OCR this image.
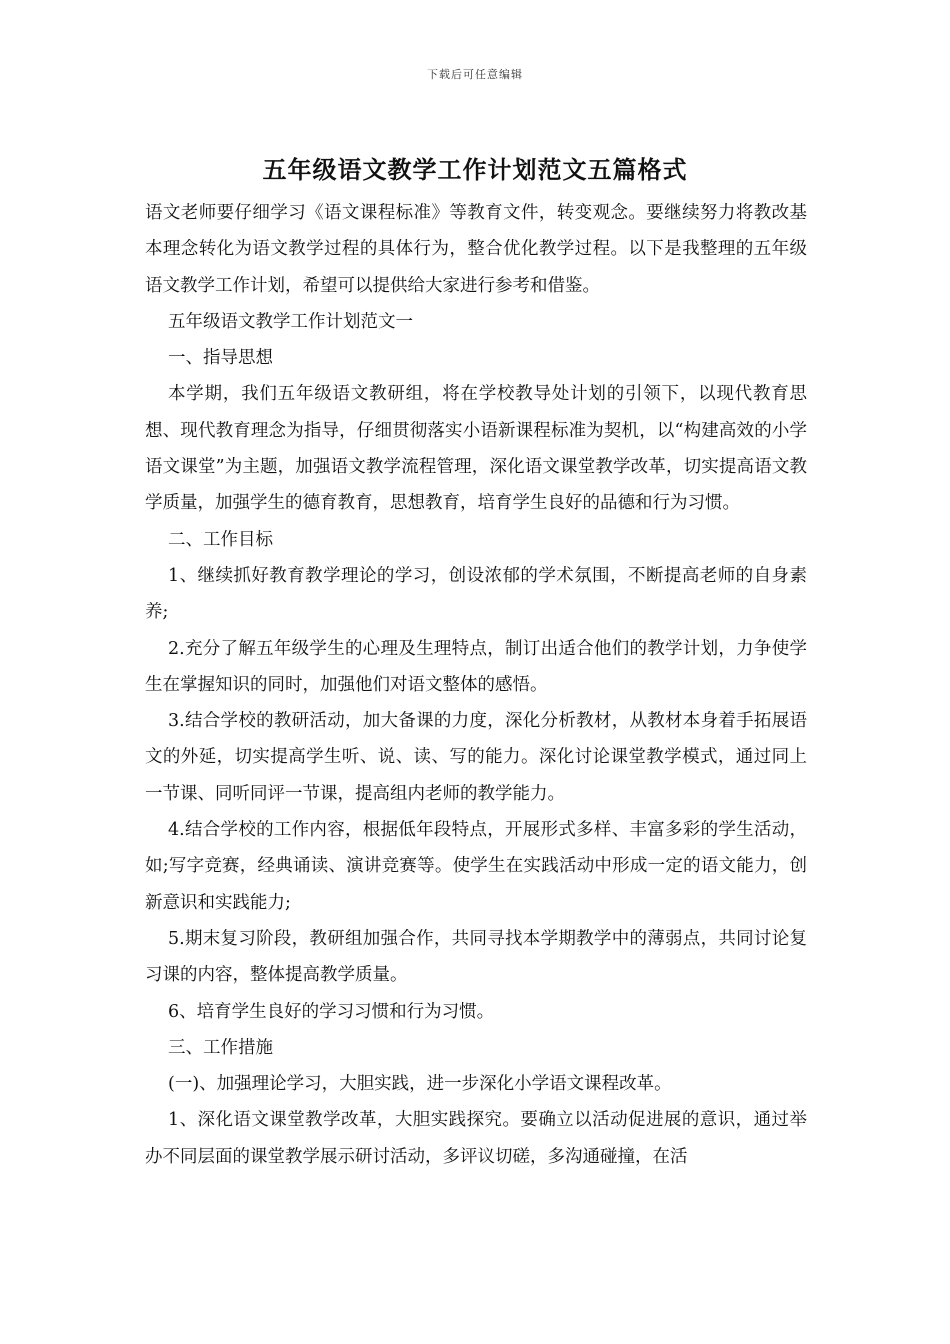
下载后可任意编辑
五年级语文教学工作计划范文五篇格式

语文老师要仔细学习《语文课程标准》等教育文件，转变观念。要继续努力将教改基本理念转化为语文教学过程的具体行为，整合优化教学过程。以下是我整理的五年级语文教学工作计划，希望可以提供给大家进行参考和借鉴。

五年级语文教学工作计划范文一

一、指导思想

本学期，我们五年级语文教研组，将在学校教导处计划的引领下，以现代教育思想、现代教育理念为指导，仔细贯彻落实小语新课程标准为契机，以“构建高效的小学语文课堂”为主题，加强语文教学流程管理，深化语文课堂教学改革，切实提高语文教学质量，加强学生的德育教育，思想教育，培育学生良好的品德和行为习惯。

二、工作目标

1、继续抓好教育教学理论的学习，创设浓郁的学术氛围，不断提高老师的自身素养;

2.充分了解五年级学生的心理及生理特点，制订出适合他们的教学计划，力争使学生在掌握知识的同时，加强他们对语文整体的感悟。

3.结合学校的教研活动，加大备课的力度，深化分析教材，从教材本身着手拓展语文的外延，切实提高学生听、说、读、写的能力。深化讨论课堂教学模式，通过同上一节课、同听同评一节课，提高组内老师的教学能力。

4.结合学校的工作内容，根据低年段特点，开展形式多样、丰富多彩的学生活动，如;写字竞赛，经典诵读、演讲竞赛等。使学生在实践活动中形成一定的语文能力，创新意识和实践能力;

5.期末复习阶段，教研组加强合作，共同寻找本学期教学中的薄弱点，共同讨论复习课的内容，整体提高教学质量。

6、培育学生良好的学习习惯和行为习惯。

三、工作措施

(一)、加强理论学习，大胆实践，进一步深化小学语文课程改革。

1、深化语文课堂教学改革，大胆实践探究。要确立以活动促进展的意识，通过举办不同层面的课堂教学展示研讨活动，多评议切磋，多沟通碰撞，在活
